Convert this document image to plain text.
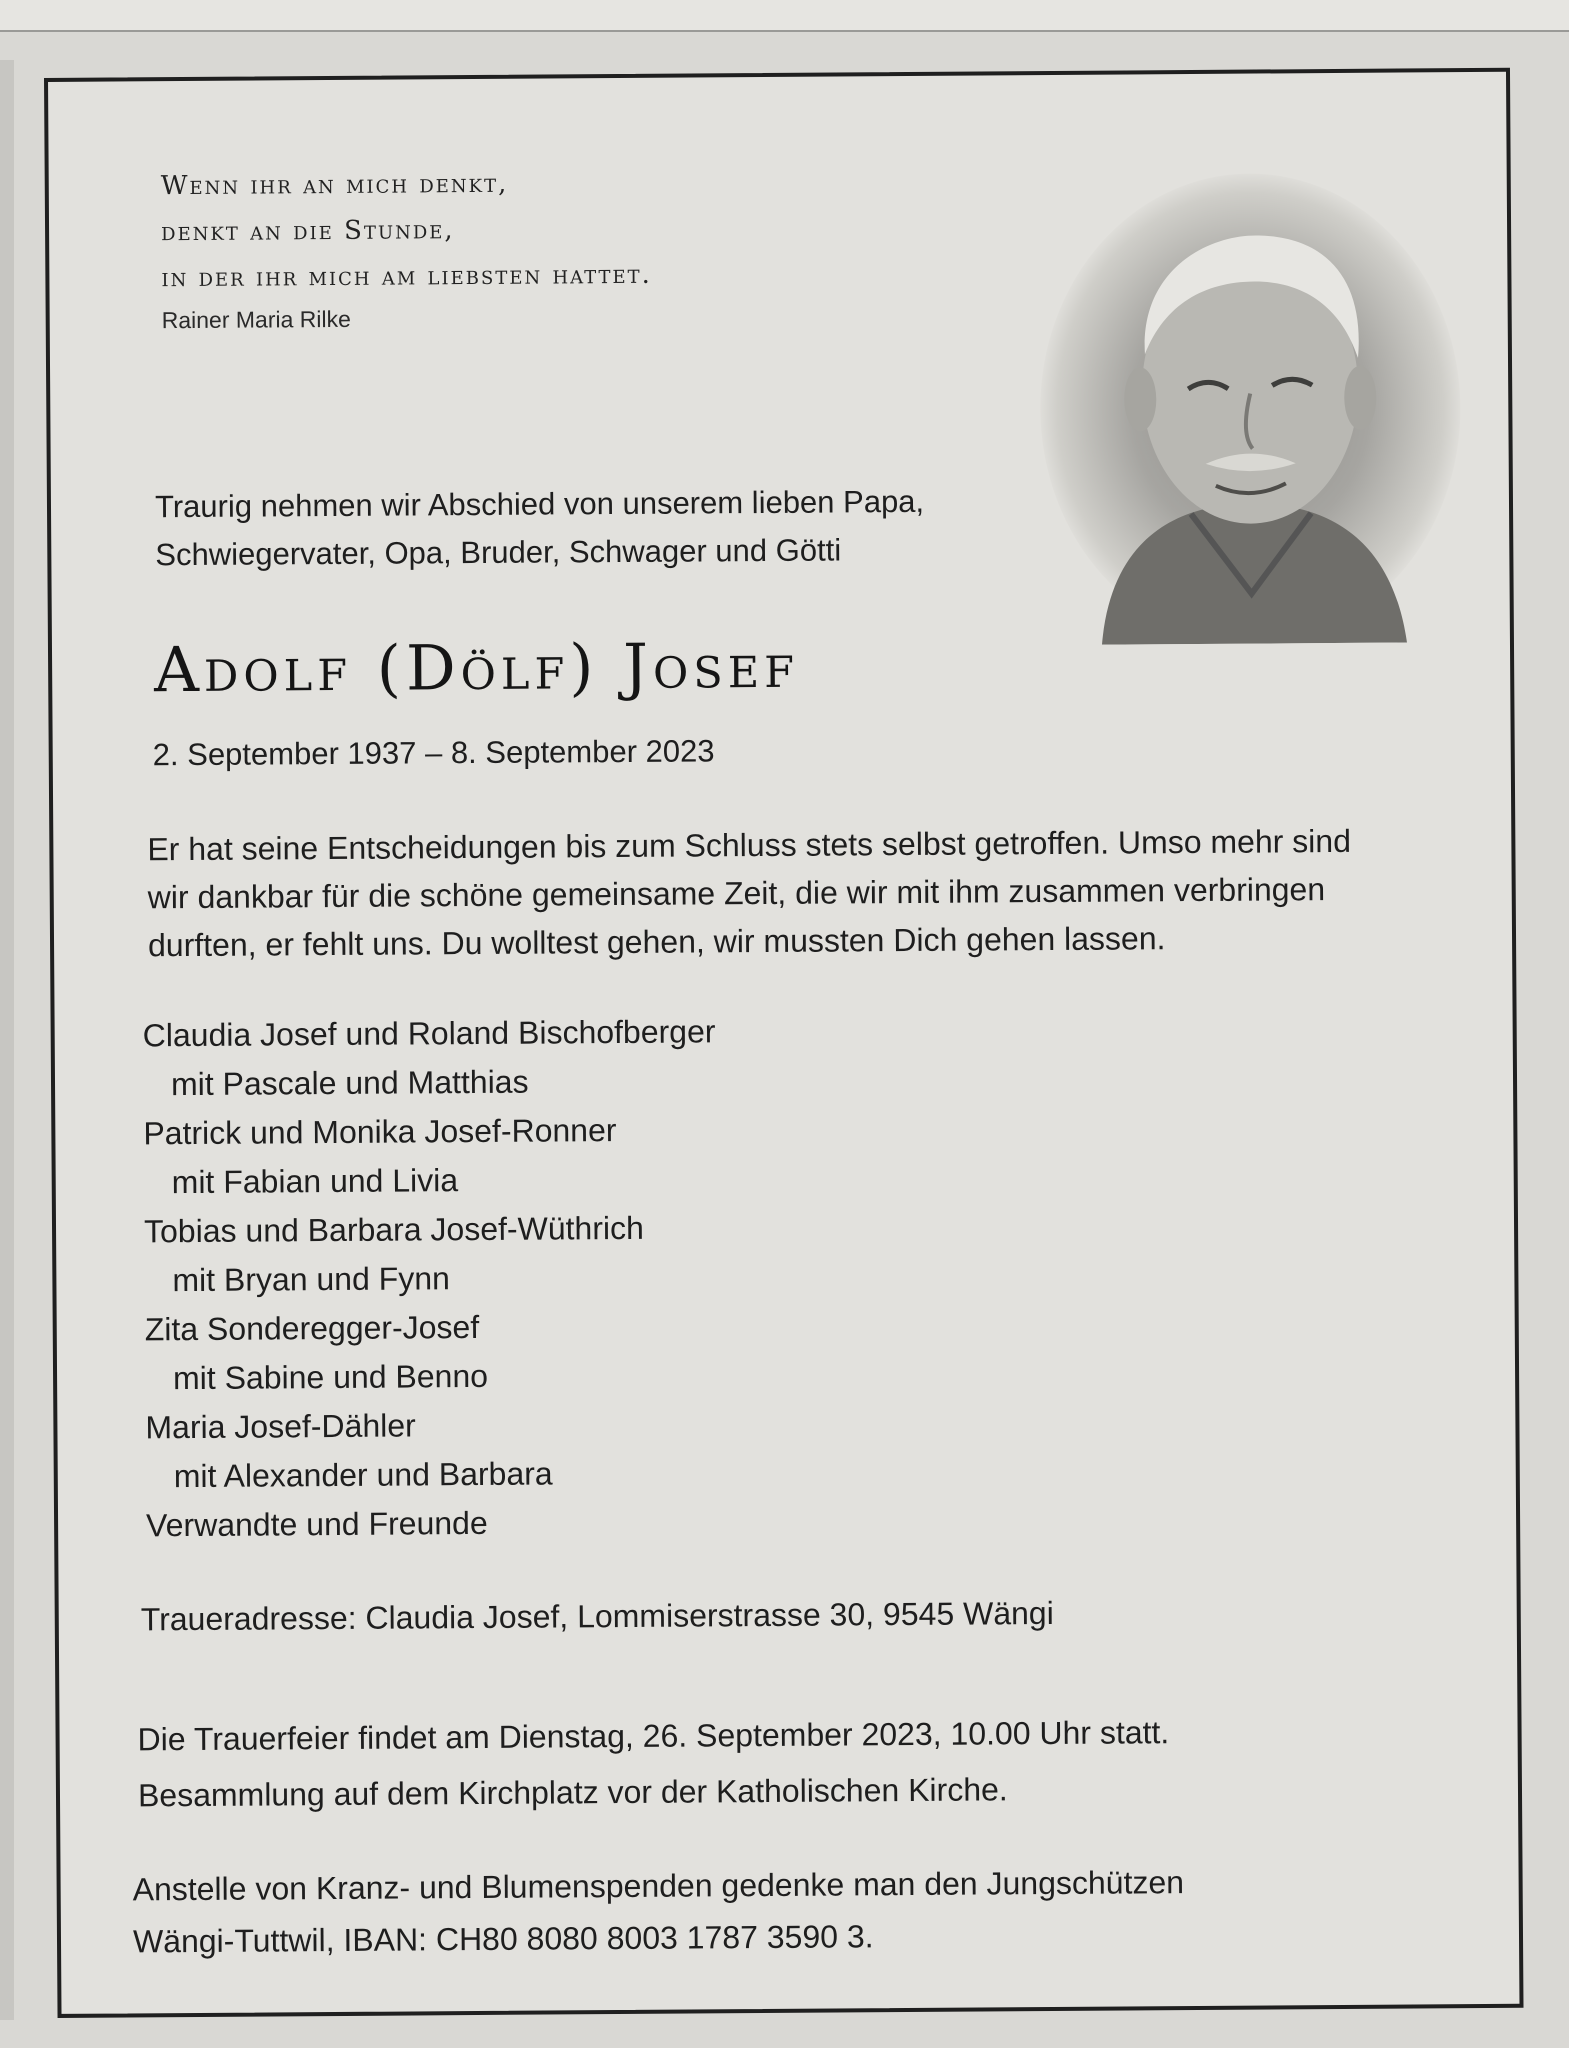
Wenn ihr an mich denkt,
denkt an die Stunde,
in der ihr mich am liebsten hattet.
Rainer Maria Rilke
Traurig nehmen wir Abschied von unserem lieben Papa,
Schwiegervater, Opa, Bruder, Schwager und Götti
Adolf (Dölf) Josef
2. September 1937 – 8. September 2023
Er hat seine Entscheidungen bis zum Schluss stets selbst getroffen. Umso mehr sind
wir dankbar für die schöne gemeinsame Zeit, die wir mit ihm zusammen verbringen
durften, er fehlt uns. Du wolltest gehen, wir mussten Dich gehen lassen.
Claudia Josef und Roland Bischofberger
mit Pascale und Matthias
Patrick und Monika Josef-Ronner
mit Fabian und Livia
Tobias und Barbara Josef-Wüthrich
mit Bryan und Fynn
Zita Sonderegger-Josef
mit Sabine und Benno
Maria Josef-Dähler
mit Alexander und Barbara
Verwandte und Freunde
Traueradresse: Claudia Josef, Lommiserstrasse 30, 9545 Wängi
Die Trauerfeier findet am Dienstag, 26. September 2023, 10.00 Uhr statt.
Besammlung auf dem Kirchplatz vor der Katholischen Kirche.
Anstelle von Kranz- und Blumenspenden gedenke man den Jungschützen
Wängi-Tuttwil, IBAN: CH80 8080 8003 1787 3590 3.
